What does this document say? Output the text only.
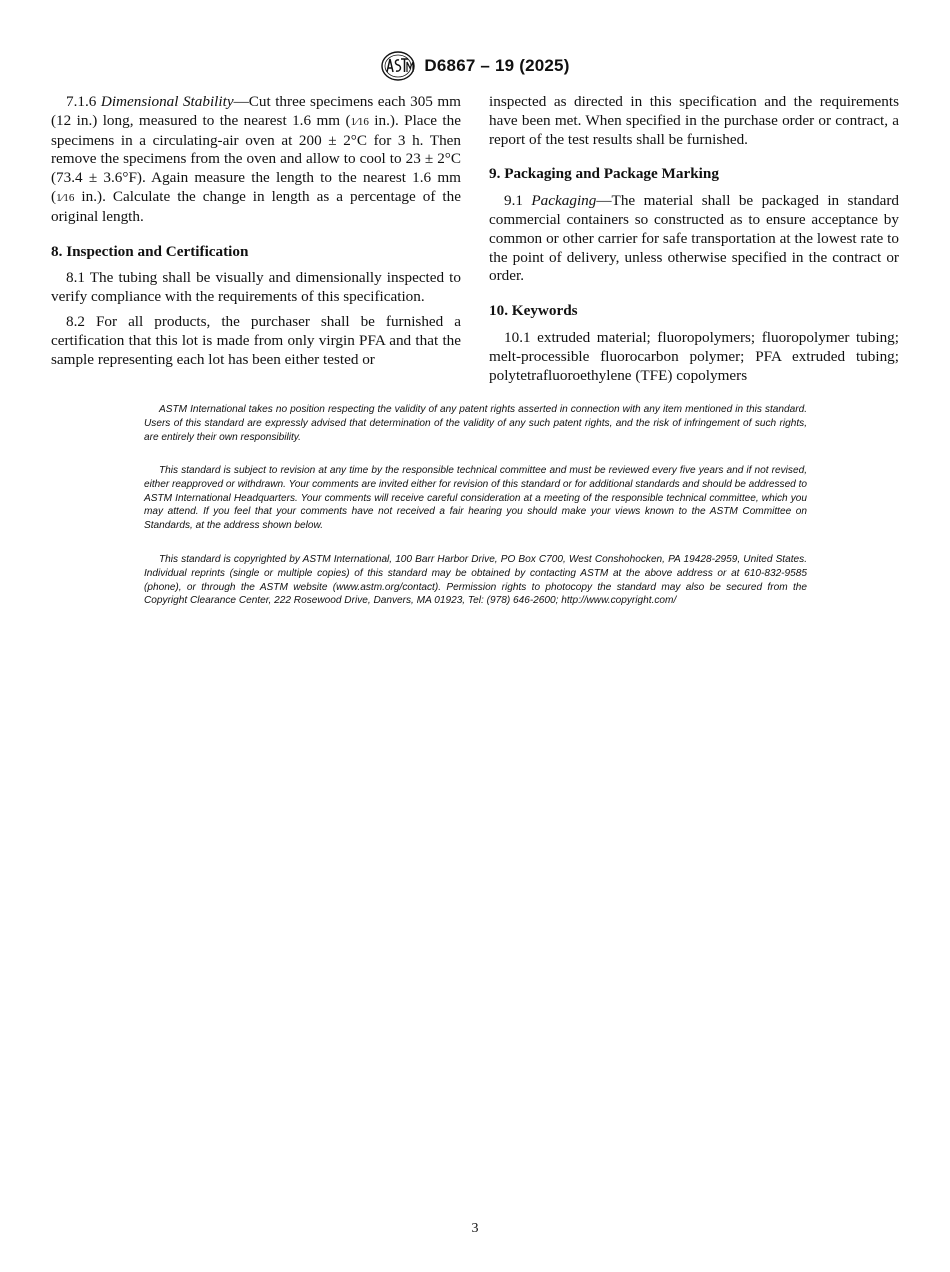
D6867 – 19 (2025)

7.1.6 Dimensional Stability—Cut three specimens each 305 mm (12 in.) long, measured to the nearest 1.6 mm (1⁄16 in.). Place the specimens in a circulating-air oven at 200 ± 2°C for 3 h. Then remove the specimens from the oven and allow to cool to 23 ± 2°C (73.4 ± 3.6°F). Again measure the length to the nearest 1.6 mm (1⁄16 in.). Calculate the change in length as a percentage of the original length.

8. Inspection and Certification

8.1 The tubing shall be visually and dimensionally inspected to verify compliance with the requirements of this specification.

8.2 For all products, the purchaser shall be furnished a certification that this lot is made from only virgin PFA and that the sample representing each lot has been either tested or

inspected as directed in this specification and the requirements have been met. When specified in the purchase order or contract, a report of the test results shall be furnished.

9. Packaging and Package Marking

9.1 Packaging—The material shall be packaged in standard commercial containers so constructed as to ensure acceptance by common or other carrier for safe transportation at the lowest rate to the point of delivery, unless otherwise specified in the contract or order.

10. Keywords

10.1 extruded material; fluoropolymers; fluoropolymer tubing; melt-processible fluorocarbon polymer; PFA extruded tubing; polytetrafluoroethylene (TFE) copolymers

ASTM International takes no position respecting the validity of any patent rights asserted in connection with any item mentioned in this standard. Users of this standard are expressly advised that determination of the validity of any such patent rights, and the risk of infringement of such rights, are entirely their own responsibility.

This standard is subject to revision at any time by the responsible technical committee and must be reviewed every five years and if not revised, either reapproved or withdrawn. Your comments are invited either for revision of this standard or for additional standards and should be addressed to ASTM International Headquarters. Your comments will receive careful consideration at a meeting of the responsible technical committee, which you may attend. If you feel that your comments have not received a fair hearing you should make your views known to the ASTM Committee on Standards, at the address shown below.

This standard is copyrighted by ASTM International, 100 Barr Harbor Drive, PO Box C700, West Conshohocken, PA 19428-2959, United States. Individual reprints (single or multiple copies) of this standard may be obtained by contacting ASTM at the above address or at 610-832-9585 (phone), or through the ASTM website (www.astm.org/contact). Permission rights to photocopy the standard may also be secured from the Copyright Clearance Center, 222 Rosewood Drive, Danvers, MA 01923, Tel: (978) 646-2600; http://www.copyright.com/

3
